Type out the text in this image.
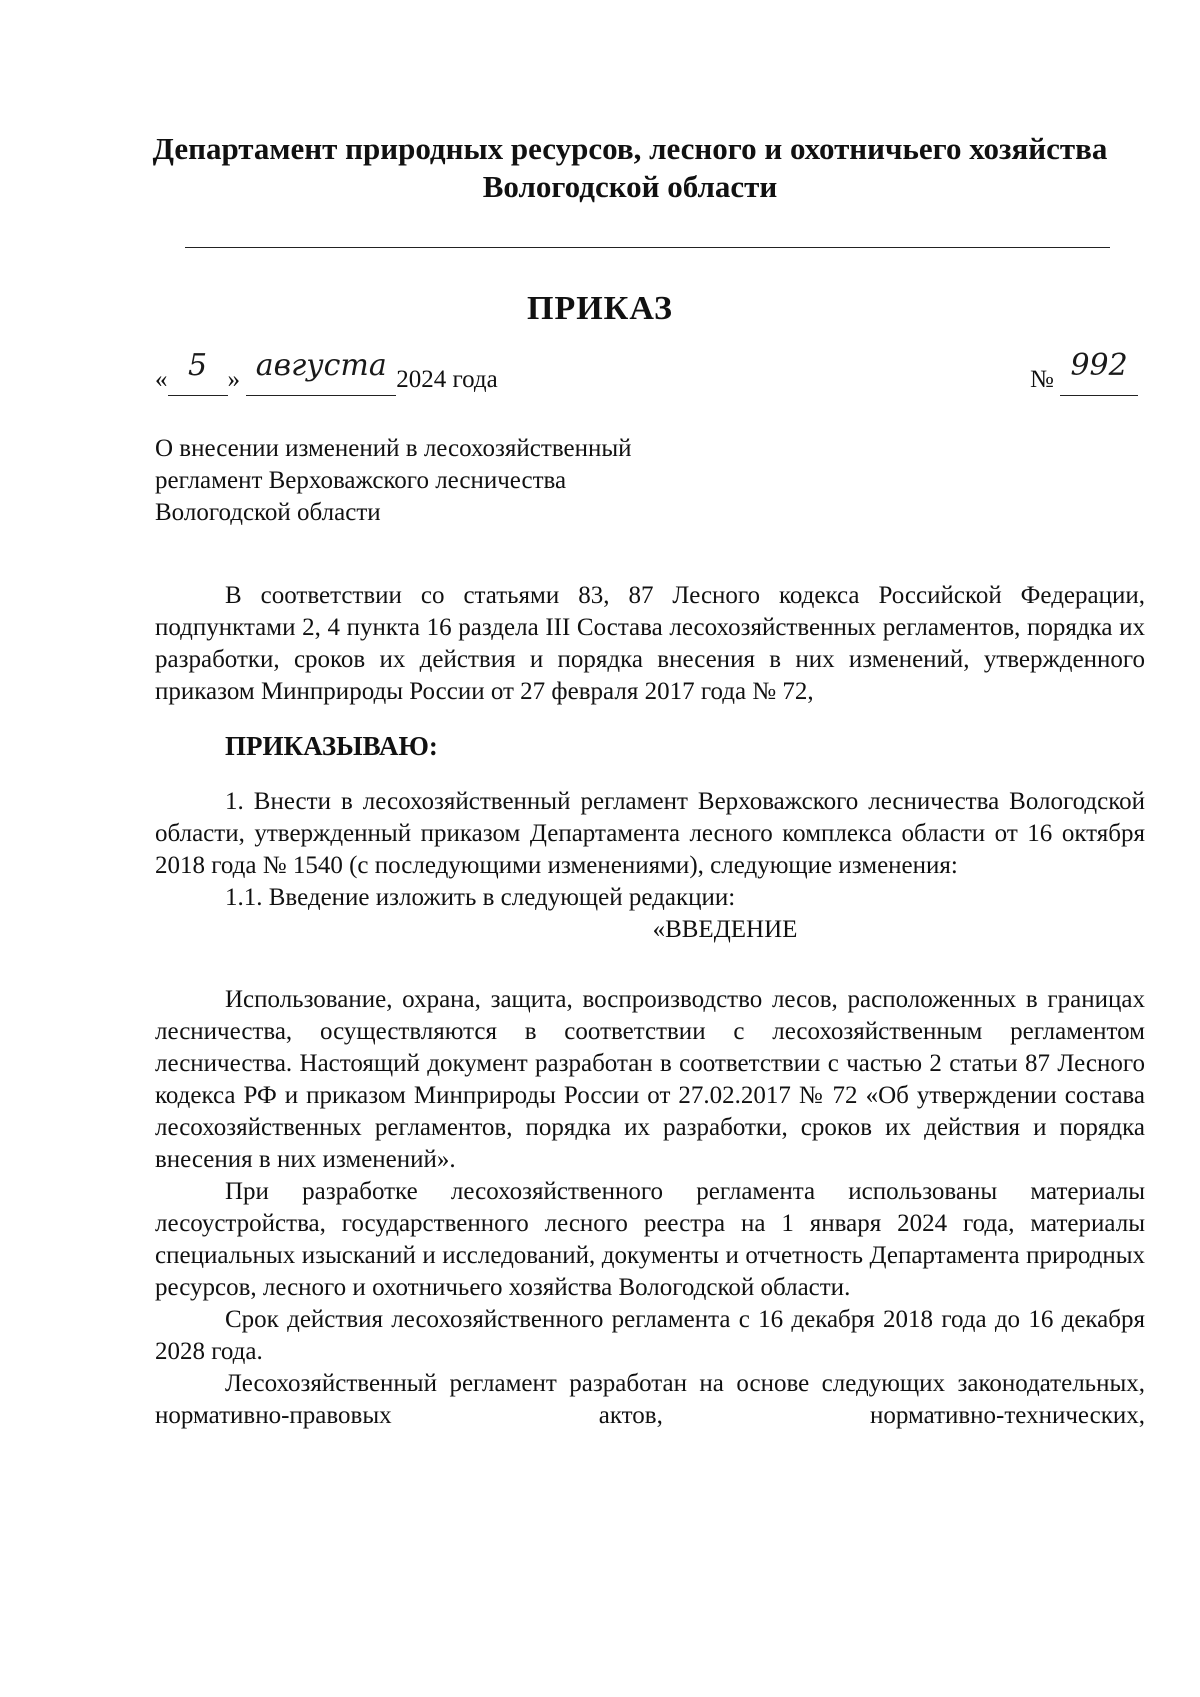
Департамент природных ресурсов, лесного и охотничьего хозяйства
Вологодской области
ПРИКАЗ
« 5 » августа 2024 года	№ 992
О внесении изменений в лесохозяйственный
регламент Верховажского лесничества
Вологодской области

В соответствии со статьями 83, 87 Лесного кодекса Российской Федерации, подпунктами 2, 4 пункта 16 раздела III Состава лесохозяйственных регламентов, порядка их разработки, сроков их действия и порядка внесения в них изменений, утвержденного приказом Минприроды России от 27 февраля 2017 года № 72,

ПРИКАЗЫВАЮ:

1. Внести в лесохозяйственный регламент Верховажского лесничества Вологодской области, утвержденный приказом Департамента лесного комплекса области от 16 октября 2018 года № 1540 (с последующими изменениями), следующие изменения:

1.1. Введение изложить в следующей редакции:

«ВВЕДЕНИЕ

Использование, охрана, защита, воспроизводство лесов, расположенных в границах лесничества, осуществляются в соответствии с лесохозяйственным регламентом лесничества. Настоящий документ разработан в соответствии с частью 2 статьи 87 Лесного кодекса РФ и приказом Минприроды России от 27.02.2017 № 72 «Об утверждении состава лесохозяйственных регламентов, порядка их разработки, сроков их действия и порядка внесения в них изменений».

При разработке лесохозяйственного регламента использованы материалы лесоустройства, государственного лесного реестра на 1 января 2024 года, материалы специальных изысканий и исследований, документы и отчетность Департамента природных ресурсов, лесного и охотничьего хозяйства Вологодской области.

Срок действия лесохозяйственного регламента с 16 декабря 2018 года до 16 декабря 2028 года.

Лесохозяйственный регламент разработан на основе следующих законодательных, нормативно-правовых актов, нормативно-технических,
